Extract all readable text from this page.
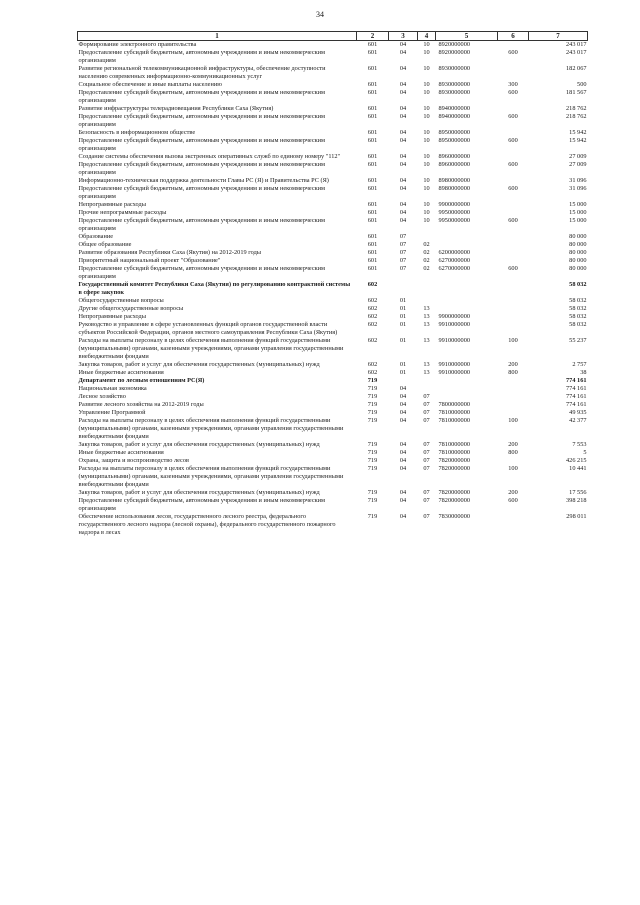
34
1	2	3	4	5	6	7
Формирование электронного правительства	601	04	10	8920000000		243 017
Предоставление субсидий бюджетным, автономным учреждениям и иным некоммерческим организациям	601	04	10	8920000000	600	243 017
Развитие региональной телекоммуникационной инфраструктуры, обеспечение доступности населению современных информационно-коммуникационных услуг	601	04	10	8930000000		182 067
Социальное обеспечение и иные выплаты населению	601	04	10	8930000000	300	500
Предоставление субсидий бюджетным, автономным учреждениям и иным некоммерческим организациям	601	04	10	8930000000	600	181 567
Развитие инфраструктуры телерадиовещания Республики Саха (Якутия)	601	04	10	8940000000		218 762
Предоставление субсидий бюджетным, автономным учреждениям и иным некоммерческим организациям	601	04	10	8940000000	600	218 762
Безопасность в информационном обществе	601	04	10	8950000000		15 942
Предоставление субсидий бюджетным, автономным учреждениям и иным некоммерческим организациям	601	04	10	8950000000	600	15 942
Создание системы обеспечения вызова экстренных оперативных служб по единому номеру "112"	601	04	10	8960000000		27 009
Предоставление субсидий бюджетным, автономным учреждениям и иным некоммерческим организациям	601	04	10	8960000000	600	27 009
Информационно-техническая поддержка деятельности Главы РС (Я) и Правительства РС (Я)	601	04	10	8980000000		31 096
Предоставление субсидий бюджетным, автономным учреждениям и иным некоммерческим организациям	601	04	10	8980000000	600	31 096
Непрограммные расходы	601	04	10	9900000000		15 000
Прочие непрограммные расходы	601	04	10	9950000000		15 000
Предоставление субсидий бюджетным, автономным учреждениям и иным некоммерческим организациям	601	04	10	9950000000	600	15 000
Образование	601	07				80 000
Общее образование	601	07	02			80 000
Развитие образования Республики Саха (Якутия) на 2012-2019 годы	601	07	02	6200000000		80 000
Приоритетный национальный проект "Образование"	601	07	02	6270000000		80 000
Предоставление субсидий бюджетным, автономным учреждениям и иным некоммерческим организациям	601	07	02	6270000000	600	80 000
Государственный комитет Республики Саха (Якутия) по регулированию контрактной системы в сфере закупок	602					58 032
Общегосударственные вопросы	602	01				58 032
Другие общегосударственные вопросы	602	01	13			58 032
Непрограммные расходы	602	01	13	9900000000		58 032
Руководство и управление в сфере установленных функций органов государственной власти субъектов Российской Федерации, органов местного самоуправления Республики Саха (Якутия)	602	01	13	9910000000		58 032
Расходы на выплаты персоналу в целях обеспечения выполнения функций государственными (муниципальными) органами, казенными учреждениями, органами управления государственными внебюджетными фондами	602	01	13	9910000000	100	55 237
Закупка товаров, работ и услуг для обеспечения государственных (муниципальных) нужд	602	01	13	9910000000	200	2 757
Иные бюджетные ассигнования	602	01	13	9910000000	800	38
Департамент по лесным отношениям РС(Я)	719					774 161
Национальная экономика	719	04				774 161
Лесное хозяйство	719	04	07			774 161
Развитие лесного хозяйства на 2012-2019 годы	719	04	07	7800000000		774 161
Управление Программой	719	04	07	7810000000		49 935
Расходы на выплаты персоналу в целях обеспечения выполнения функций государственными (муниципальными) органами, казенными учреждениями, органами управления государственными внебюджетными фондами	719	04	07	7810000000	100	42 377
Закупка товаров, работ и услуг для обеспечения государственных (муниципальных) нужд	719	04	07	7810000000	200	7 553
Иные бюджетные ассигнования	719	04	07	7810000000	800	5
Охрана, защита и воспроизводство лесов	719	04	07	7820000000		426 215
Расходы на выплаты персоналу в целях обеспечения выполнения функций государственными (муниципальными) органами, казенными учреждениями, органами управления государственными внебюджетными фондами	719	04	07	7820000000	100	10 441
Закупка товаров, работ и услуг для обеспечения государственных (муниципальных) нужд	719	04	07	7820000000	200	17 556
Предоставление субсидий бюджетным, автономным учреждениям и иным некоммерческим организациям	719	04	07	7820000000	600	398 218
Обеспечение использования лесов, государственного лесного реестра, федерального государственного лесного надзора (лесной охраны), федерального государственного пожарного надзора в лесах	719	04	07	7830000000		298 011
